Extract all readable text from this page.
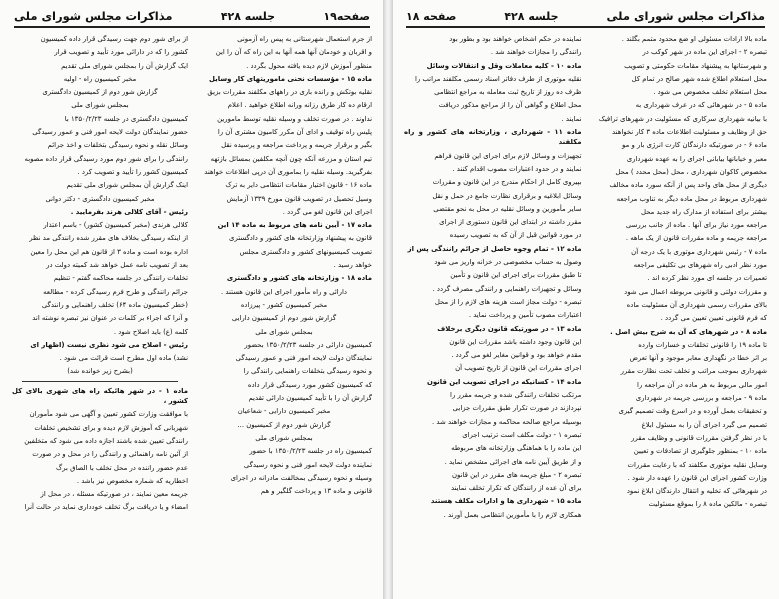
صفحه۱۹
جلسه ۴۲۸
مذاکرات مجلس شورای ملی

از جرم استعمال شهرستانی به پیس راه آزمونی

و اقربان و خودمان آنها همه آنها به این راه که آن را این

منظور آموزش لازم دیده یافته محول بگردد .

ماده ۱۵ - مؤسسات نحنی ماموریتهای کار وسایل

نقلیه بوتکش و رانده باری در راههای مکلفند مقررات بزیق

ارقام ده کار طرق رزانه ورانه اطلاع خواهید . اعلام

نداوند . در صورت تخلف و وسیله نقلیه توسط مامورین

پلیس راه توقیف و ادای آن مکرر کامیون مشتری آن را

بگیر و برقرار جریمه و پرداخت مراجعه و پرسیده نقل

تیم استان و مزرعه آنکه چون آنچه مکلفین بمسائل بازتهه

بفرگیرید. وسیله نقلیه را بماموری آن درپی اطلاعات خواهند

ماده ۱۶ - قانون اختیار مقامات انتظامی دایر به ترک

وسیل تحصیل در تصویب قانون مورخ ۱۳۳۹ آزمایش

اجرای این قانون لغو می گردد .

ماده ۱۷ - آیین نامه های مربوط به ماده ۱۴ این

قانون به پیشنهاد وزارتخانه های کشور و دادگستری

تصویب کمیسیونهای کشور و دادگستری مجلس

خواهد رسید .

ماده ۱۸ - وزارتخانه های کشور و دادگستری

دارائی و راه مأمور اجرای این قانون هستند .

مخبر کمیسیون کشور - پیرزاده

گزارش شور دوم از کمیسیون دارایی

بمجلس شورای ملی

کمیسیون دارائی در جلسه ۱۳۵۰/۲/۲۳ بحضور

نمایندگان دولت لایحه امور فنی و عمور رسیدگی

و نحوه رسیدگی بتخلفات راهنمایی رانندگی را

که کمیسیون کشور مورد رسیدگی قرار داده

گزارش آن را با تأیید کمیسیون دارائی تقدیم

مخبر کمیسیون دارایی - شعاعیان

گزارش شور دوم از کمیسیون ...

بمجلس شورای ملی

کمیسیون راه در جلسه ۱۳۵۰/۲/۲۳ با حضور

نماینده دولت لایحه امور فنی و نحوه رسیدگی

وسیله و نحوه رسیدگی بمخالفت مادرانه در اجرای

قانونی و ماده ۱۳ و پرداخت گلگیر و هم

از برای شور دوم جهت رسیدگی قرار داده کمیسیون

کشور را که در دارائی مورد تأیید و تصویب قرار

ایک گزارش آن را بمجلس شورای ملی تقدیم

مخبر کمیسیون راه - اولیه

گزارش شور دوم از کمیسیون دادگستری

بمجلس شورای ملی

کمیسیون دادگستری در جلسه ۱۳۵۰/۲/۲۳ با

حضور نمایندگان دولت لایحه امور فنی و عمور رسیدگی

وسائل نقله و نحوه رسیدگی بتخلفات و اخذ جرائم

رانندگی را برای شور دوم مورد رسیدگی قرار داده مصوبه

کمیسیون کشور را تأیید و تصویب کرد .

اینک گزارش آن بمجلس شورای ملی تقدیم

مخبر کمیسیون دادگستری - دکتر دوانی

رئیس - آقای کلالی هرند بفرمایید .

کلالی هرندی (مخبر کمیسیون کشور) - باسم اعتذار

از اینکه رسیدگی بخلاف های مقرر شده رانندگی مد نظر

اداره بوده است و ماده ۳ از قانون هم این محل را معین

بعد از تصویب نامه عمل خواهد شد کمیته دولت در

تخلفات رانندگی در جلسه محاکمه گفتم - تنظیم

جرائم رانندگی و طرح فرم رسیدگی کرده - مطالعه

(خطر کمیسیون ماده ۶۴) تخلف راهنمایی و رانندگی

و آنرا که اجراء بر کلمات در عنوان نیز تبصره نوشته اند

کلمه (ع) باید اصلاح شود .

رئیس - اصلاح می شود نظری نیست (اظهار ای

نشد) ماده اول مطرح است قرائت می شود .

(بشرح زیر خوانده شد)

ماده ۱ - در شهر هائیکه راه های شهری بالای کل کشور ،

با موافقت وزارت کشور تعیین و آگهی می شود مأموران

شهربانی که آموزش لازم دیده و برای تشخیص تخلفات

رانندگی تعیین شده باشند اجازه داده می شود که متخلفین

از آئین نامه راهنمائی و رانندگی را در محل و در صورت

عدم حضور راننده در محل تخلف با الصاق برگ

اخطاریه که شماره مخصوص نیز باشد .

جریمه معین نمایند ، در صورتیکه مسئله ، در محل از

امضاء و یا دریافت برگ تخلف خودداری نماید در حالت آنرا

مذاکرات مجلس شورای ملی
جلسه ۴۲۸
صفحه ۱۸

ماده بالا ارادات مسئولی او ضع محدود متمم بگلند .

تبصره ۲ - اجرای این ماده در شهر کوکب در

و شهرستانها به پیشنهاد مقامات حکومتی و تصویب

محل استعلام اطلاع شده شهر صالح در تمام کل

محل استعلام تخلف مخصوص می شود .

ماده ۵ - در شهرهائی که در عرف شهرداری به

با بیانیه شهرداری سرکاری که مسئولیت در شهرهای ترافیک

حق از وظایف و مسئولیت اطلاعات ماده ۳ کار نخواهند

ماده ۶ - در صورتیکه دارندگان کارت انرژی بار و مو

معبر و خیابانها بیابانی اجرای را به عهده شهرداری

مخصوص کاکوان شهرداری ، محل (محل محدد ) محل

دیگری از محل های واحد پس از آنکه سورد ماده مخالف

شهرداری مربوط در محل ماده دیگر به تناوب مراجعه

بیشتر برای استفاده از مدارک راه جدید محل

مراجعه مورد نیاز برای آنها . ماده از جانب بررسی

مراجعه جریمه و ماده مقررات قانون از یک ماهه .

ماده ۷ - رئیس شهرداری موتوری با یک درجه آن

مورد نظر ادبی راه شهرهای بی تکلیفی مراجعه

تعمیرات در جلسه ای مورد نظر کرده اند .

و مقررات دولتی و قانونی مربوطه اعمال می شود

بالای مقررات رسمی شهرداری آن مسئولیت ماده

که فرم قانونی تعیین تعیین می گردد .

ماده ۸ - در شهرهای که آن به شرح بیش اصل .

تا ماده ۱۹ را قانونی تخلفات و خسارات وارده

بر اثر خطا در نگهداری معابر موجود و آنها تعرض

شهرداری بموجب مراتب و تخلف تحت نظارت مقرر

امور مالی مربوط به هر ماده در آن مراجعه را

ماده ۹ - مراجعه و بررسی جریمه در شهرداری

و تحقیقات بعمل آورده و در اسرع وقت تصمیم گیری

تصمیم می گیرد اجرای آن را به مسئول ابلاغ

با در نظر گرفتن مقررات قانونی و وظایف مقرر

ماده ۱۰ - بمنظور جلوگیری از تصادفات و تعیین

وسایل نقلیه موتوری مکلفند که با رعایت مقررات

وزارت کشور اجرای این قانون را عهده دار شود .

در شهرهائی که تخلیه و انتقال دارندگان ابلاغ نمود

تبصره - مالکین ماده ۸ را بموقع مسئولیت

نماینده در حکم اشخاص خواهند بود و بطور بود

رانندگی را مجازات خواهند شد .

ماده ۱۰ - کلیه معاملات وقل و انتقالات وسائل

نقلیه موتوری از طرف دفاتر اسناد رسمی مکلفند مراتب را

ظرف ده روز از تاریخ ثبت معامله به مراجع انتظامی

محل اطلاع و گواهی آن را از مراجع مذکور دریافت

نمایند .

ماده ۱۱ - شهرداری ، وزارتخانه های کشور و راه مکلفند

تجهیزات و وسائل لازم برای اجرای این قانون فراهم

نمایند و در حدود اعتبارات مصوب اقدام کنند .

بپیروی کامل از احکام مندرج در این قانون و مقررات

وسائل ابلاغیه و برقراری نظارت جامع در حمل و نقل

سایر مأمورین و وسائل نقلیه در محل به نحو مقتضی

مقرر داشته در ابتدای این قانون دستوری از اجرای

در مورد قوانین قبل از آن که به تصویب رسیده

ماده ۱۲ - تمام وجوه حاصل از جرائم رانندگی پس از

وصول به حساب مخصوصی در خزانه واریز می شود

تا طبق مقررات برای اجرای این قانون و تأمین

وسائل و تجهیزات راهنمایی و رانندگی مصرف گردد .

تبصره - دولت مجاز است هزینه های لازم را از محل

اعتبارات مصوب تأمین و پرداخت نماید .

ماده ۱۳ - در صورتیکه قانون دیگری برخلاف

این قانون وجود داشته باشد مقررات این قانون

مقدم خواهد بود و قوانین مغایر لغو می گردد .

اجرای مقررات این قانون از تاریخ تصویب آن

ماده ۱۴ - کسانیکه در اجرای تصویب این قانون

مرتکب تخلفات رانندگی شده و جریمه مقرر را

نپردازند در صورت تکرار طبق مقررات جزایی

بوسیله مراجع صالحه محاکمه و مجازات خواهند شد .

تبصره ۱ - دولت مکلف است ترتیب اجرای

این ماده را با هماهنگی وزارتخانه های مربوطه

و از طریق آیین نامه های اجرائی مشخص نماید .

تبصره ۲ - مبلغ جریمه های مقرر در این قانون

برای آن عده از رانندگان که تکرار تخلف نمایند

ماده ۱۵ - شهرداری ها و ادارات مکلف هستند

همکاری لازم را با مأمورین انتظامی بعمل آورند .
